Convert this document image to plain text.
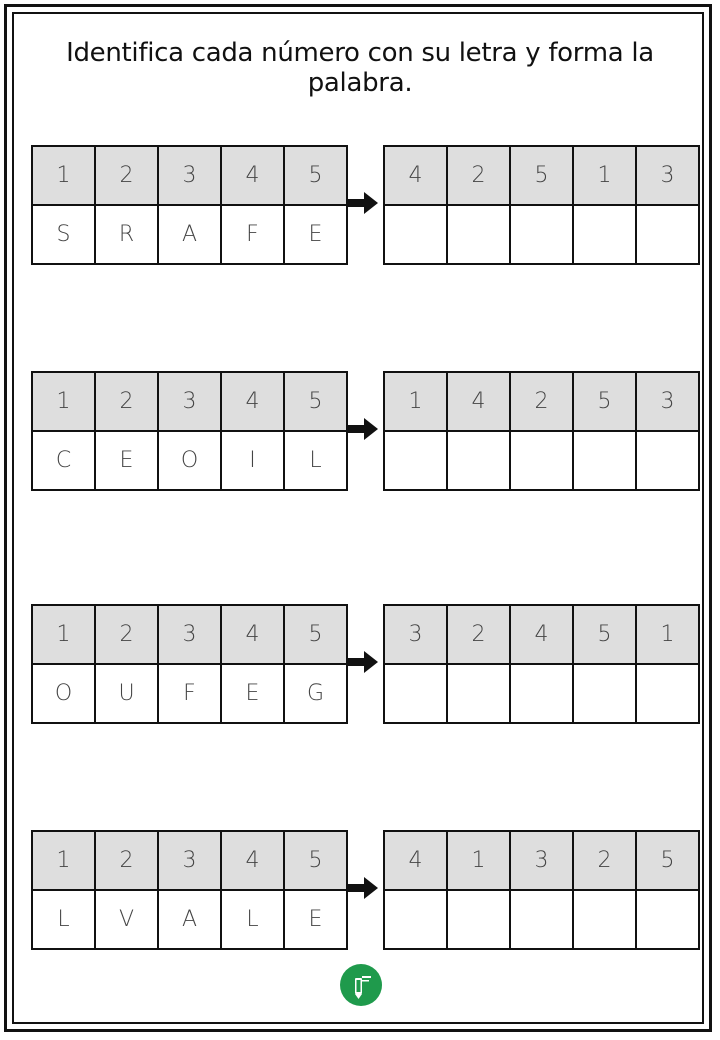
Identifica cada número con su letra y forma la palabra.
1	2	3	4	5
S	R	A	F	E
4	2	5	1	3

1	2	3	4	5
C	E	O	I	L
1	4	2	5	3

1	2	3	4	5
O	U	F	E	G
3	2	4	5	1

1	2	3	4	5
L	V	A	L	E
4	1	3	2	5
